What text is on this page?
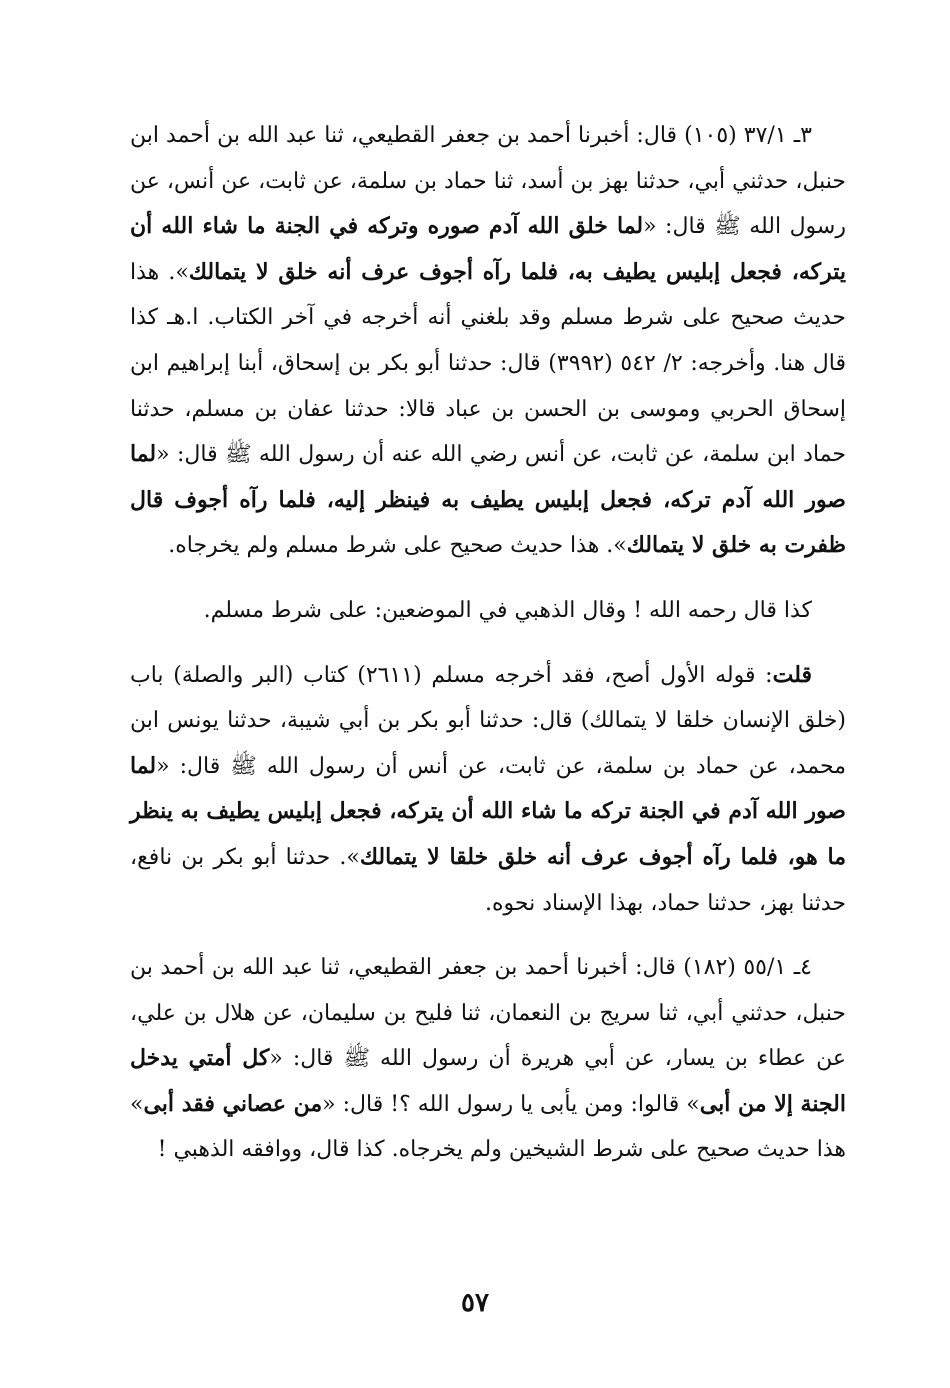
٣ـ ٣٧/١ (١٠٥) قال: أخبرنا أحمد بن جعفر القطيعي، ثنا عبد الله بن أحمد ابن حنبل، حدثني أبي، حدثنا بهز بن أسد، ثنا حماد بن سلمة، عن ثابت، عن أنس، عن رسول الله ﷺ قال: «لما خلق الله آدم صوره وتركه في الجنة ما شاء الله أن يتركه، فجعل إبليس يطيف به، فلما رآه أجوف عرف أنه خلق لا يتمالك». هذا حديث صحيح على شرط مسلم وقد بلغني أنه أخرجه في آخر الكتاب. ا.هـ كذا قال هنا. وأخرجه: ٢/ ٥٤٢ (٣٩٩٢) قال: حدثنا أبو بكر بن إسحاق، أبنا إبراهيم ابن إسحاق الحربي وموسى بن الحسن بن عباد قالا: حدثنا عفان بن مسلم، حدثنا حماد ابن سلمة، عن ثابت، عن أنس رضي الله عنه أن رسول الله ﷺ قال: «لما صور الله آدم تركه، فجعل إبليس يطيف به فينظر إليه، فلما رآه أجوف قال ظفرت به خلق لا يتمالك». هذا حديث صحيح على شرط مسلم ولم يخرجاه.

كذا قال رحمه الله ! وقال الذهبي في الموضعين: على شرط مسلم.

قلت: قوله الأول أصح، فقد أخرجه مسلم (٢٦١١) كتاب (البر والصلة) باب (خلق الإنسان خلقا لا يتمالك) قال: حدثنا أبو بكر بن أبي شيبة، حدثنا يونس ابن محمد، عن حماد بن سلمة، عن ثابت، عن أنس أن رسول الله ﷺ قال: «لما صور الله آدم في الجنة تركه ما شاء الله أن يتركه، فجعل إبليس يطيف به ينظر ما هو، فلما رآه أجوف عرف أنه خلق خلقا لا يتمالك». حدثنا أبو بكر بن نافع، حدثنا بهز، حدثنا حماد، بهذا الإسناد نحوه.

٤ـ ٥٥/١ (١٨٢) قال: أخبرنا أحمد بن جعفر القطيعي، ثنا عبد الله بن أحمد بن حنبل، حدثني أبي، ثنا سريج بن النعمان، ثنا فليح بن سليمان، عن هلال بن علي، عن عطاء بن يسار، عن أبي هريرة أن رسول الله ﷺ قال: «كل أمتي يدخل الجنة إلا من أبى» قالوا: ومن يأبى يا رسول الله ؟! قال: «من عصاني فقد أبى» هذا حديث صحيح على شرط الشيخين ولم يخرجاه. كذا قال، ووافقه الذهبي !

٥٧
